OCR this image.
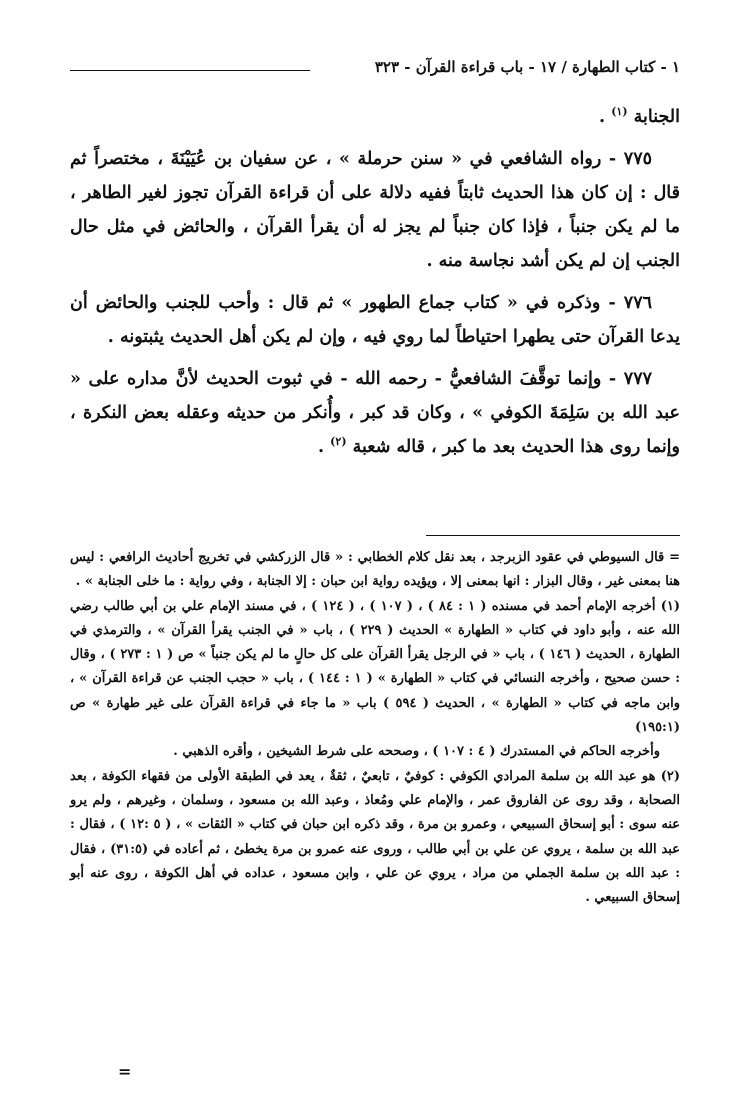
١ - كتاب الطهارة / ١٧ - باب قراءة القرآن - ٣٢٣

الجنابة $^{(١)}$ .

٧٧٥ - رواه الشافعي في « سنن حرملة » ، عن سفيان بن عُيَيْنَةَ ، مختصراً ثم قال : إن كان هذا الحديث ثابتاً ففيه دلالة على أن قراءة القرآن تجوز لغير الطاهر ، ما لم يكن جنباً ، فإذا كان جنباً لم يجز له أن يقرأ القرآن ، والحائض في مثل حال الجنب إن لم يكن أشد نجاسة منه .

٧٧٦ - وذكره في « كتاب جماع الطهور » ثم قال : وأحب للجنب والحائض أن يدعا القرآن حتى يطهرا احتياطاً لما روي فيه ، وإن لم يكن أهل الحديث يثبتونه .

٧٧٧ - وإنما توقَّفَ الشافعيُّ - رحمه الله - في ثبوت الحديث لأنَّ مداره على « عبد الله بن سَلِمَةَ الكوفي » ، وكان قد كبر ، وأُنكر من حديثه وعقله بعض النكرة ، وإنما روى هذا الحديث بعد ما كبر ، قاله شعبة $^{(٢)}$ .

= قال السيوطي في عقود الزبرجد ، بعد نقل كلام الخطابي : « قال الزركشي في تخريج أحاديث الرافعي : ليس هنا بمعنى غير ، وقال البزار : انها بمعنى إلا ، ويؤيده رواية ابن حبان : إلا الجنابة ، وفي رواية : ما خلى الجنابة » .

(١) أخرجه الإمام أحمد في مسنده ( ١ : ٨٤ ) ، ( ١٠٧ ) ، ( ١٢٤ ) ، في مسند الإمام علي بن أبي طالب رضي الله عنه ، وأبو داود في كتاب « الطهارة » الحديث ( ٢٢٩ ) ، باب « في الجنب يقرأ القرآن » ، والترمذي في الطهارة ، الحديث ( ١٤٦ ) ، باب « في الرجل يقرأ القرآن على كل حالٍ ما لم يكن جنباً » ص ( ١ : ٢٧٣ ) ، وقال : حسن صحيح ، وأخرجه النسائي في كتاب « الطهارة » ( ١ : ١٤٤ ) ، باب « حجب الجنب عن قراءة القرآن » ، وابن ماجه في كتاب « الطهارة » ، الحديث ( ٥٩٤ ) باب « ما جاء في قراءة القرآن على غير طهارة » ص (١٩٥:١)

وأخرجه الحاكم في المستدرك ( ٤ : ١٠٧ ) ، وصححه على شرط الشيخين ، وأقره الذهبي .

(٢) هو عبد الله بن سلمة المرادي الكوفي : كوفيٌ ، تابعيٌ ، ثقةٌ ، يعد في الطبقة الأولى من فقهاء الكوفة ، بعد الصحابة ، وقد روى عن الفاروق عمر ، والإمام علي ومُعاذ ، وعبد الله بن مسعود ، وسلمان ، وغيرهم ، ولم يرو عنه سوى : أبو إسحاق السبيعي ، وعمرو بن مرة ، وقد ذكره ابن حبان في كتاب « الثقات » ، ( ٥ :١٢ ) ، فقال : عبد الله بن سلمة ، يروي عن علي بن أبي طالب ، وروى عنه عمرو بن مرة يخطئ ، ثم أعاده في (٣١:٥) ، فقال : عبد الله بن سلمة الجملي من مراد ، يروي عن علي ، وابن مسعود ، عداده في أهل الكوفة ، روى عنه أبو إسحاق السبيعي .

=
